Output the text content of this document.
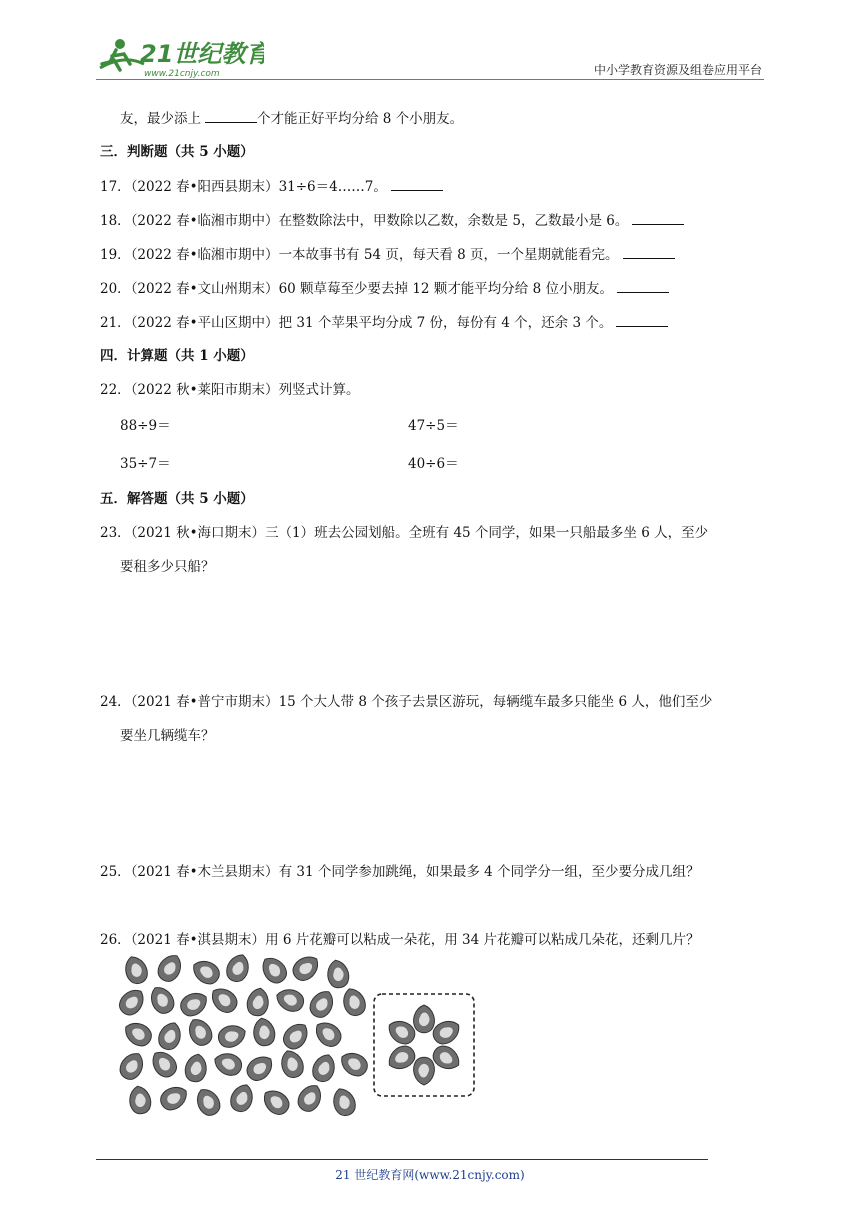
21世纪教育
www.21cnjy.com	中小学教育资源及组卷应用平台
友，最少添上	个才能正好平均分给 8 个小朋友。
三．判断题（共 5 小题）
17．（2022 春•阳西县期末）31÷6＝4……7。
18．（2022 春•临湘市期中）在整数除法中，甲数除以乙数，余数是 5，乙数最小是 6。
19．（2022 春•临湘市期中）一本故事书有 54 页，每天看 8 页，一个星期就能看完。
20．（2022 春•文山州期末）60 颗草莓至少要去掉 12 颗才能平均分给 8 位小朋友。
21．（2022 春•平山区期中）把 31 个苹果平均分成 7 份，每份有 4 个，还余 3 个。
四．计算题（共 1 小题）
22．（2022 秋•莱阳市期末）列竖式计算。
88÷9＝	47÷5＝
35÷7＝	40÷6＝
五．解答题（共 5 小题）
23．（2021 秋•海口期末）三（1）班去公园划船。全班有 45 个同学，如果一只船最多坐 6 人，至少
要租多少只船？
24．（2021 春•普宁市期末）15 个大人带 8 个孩子去景区游玩，每辆缆车最多只能坐 6 人，他们至少
要坐几辆缆车？
25．（2021 春•木兰县期末）有 31 个同学参加跳绳，如果最多 4 个同学分一组，至少要分成几组？
26．（2021 春•淇县期末）用 6 片花瓣可以粘成一朵花，用 34 片花瓣可以粘成几朵花，还剩几片？
21 世纪教育网(www.21cnjy.com)
